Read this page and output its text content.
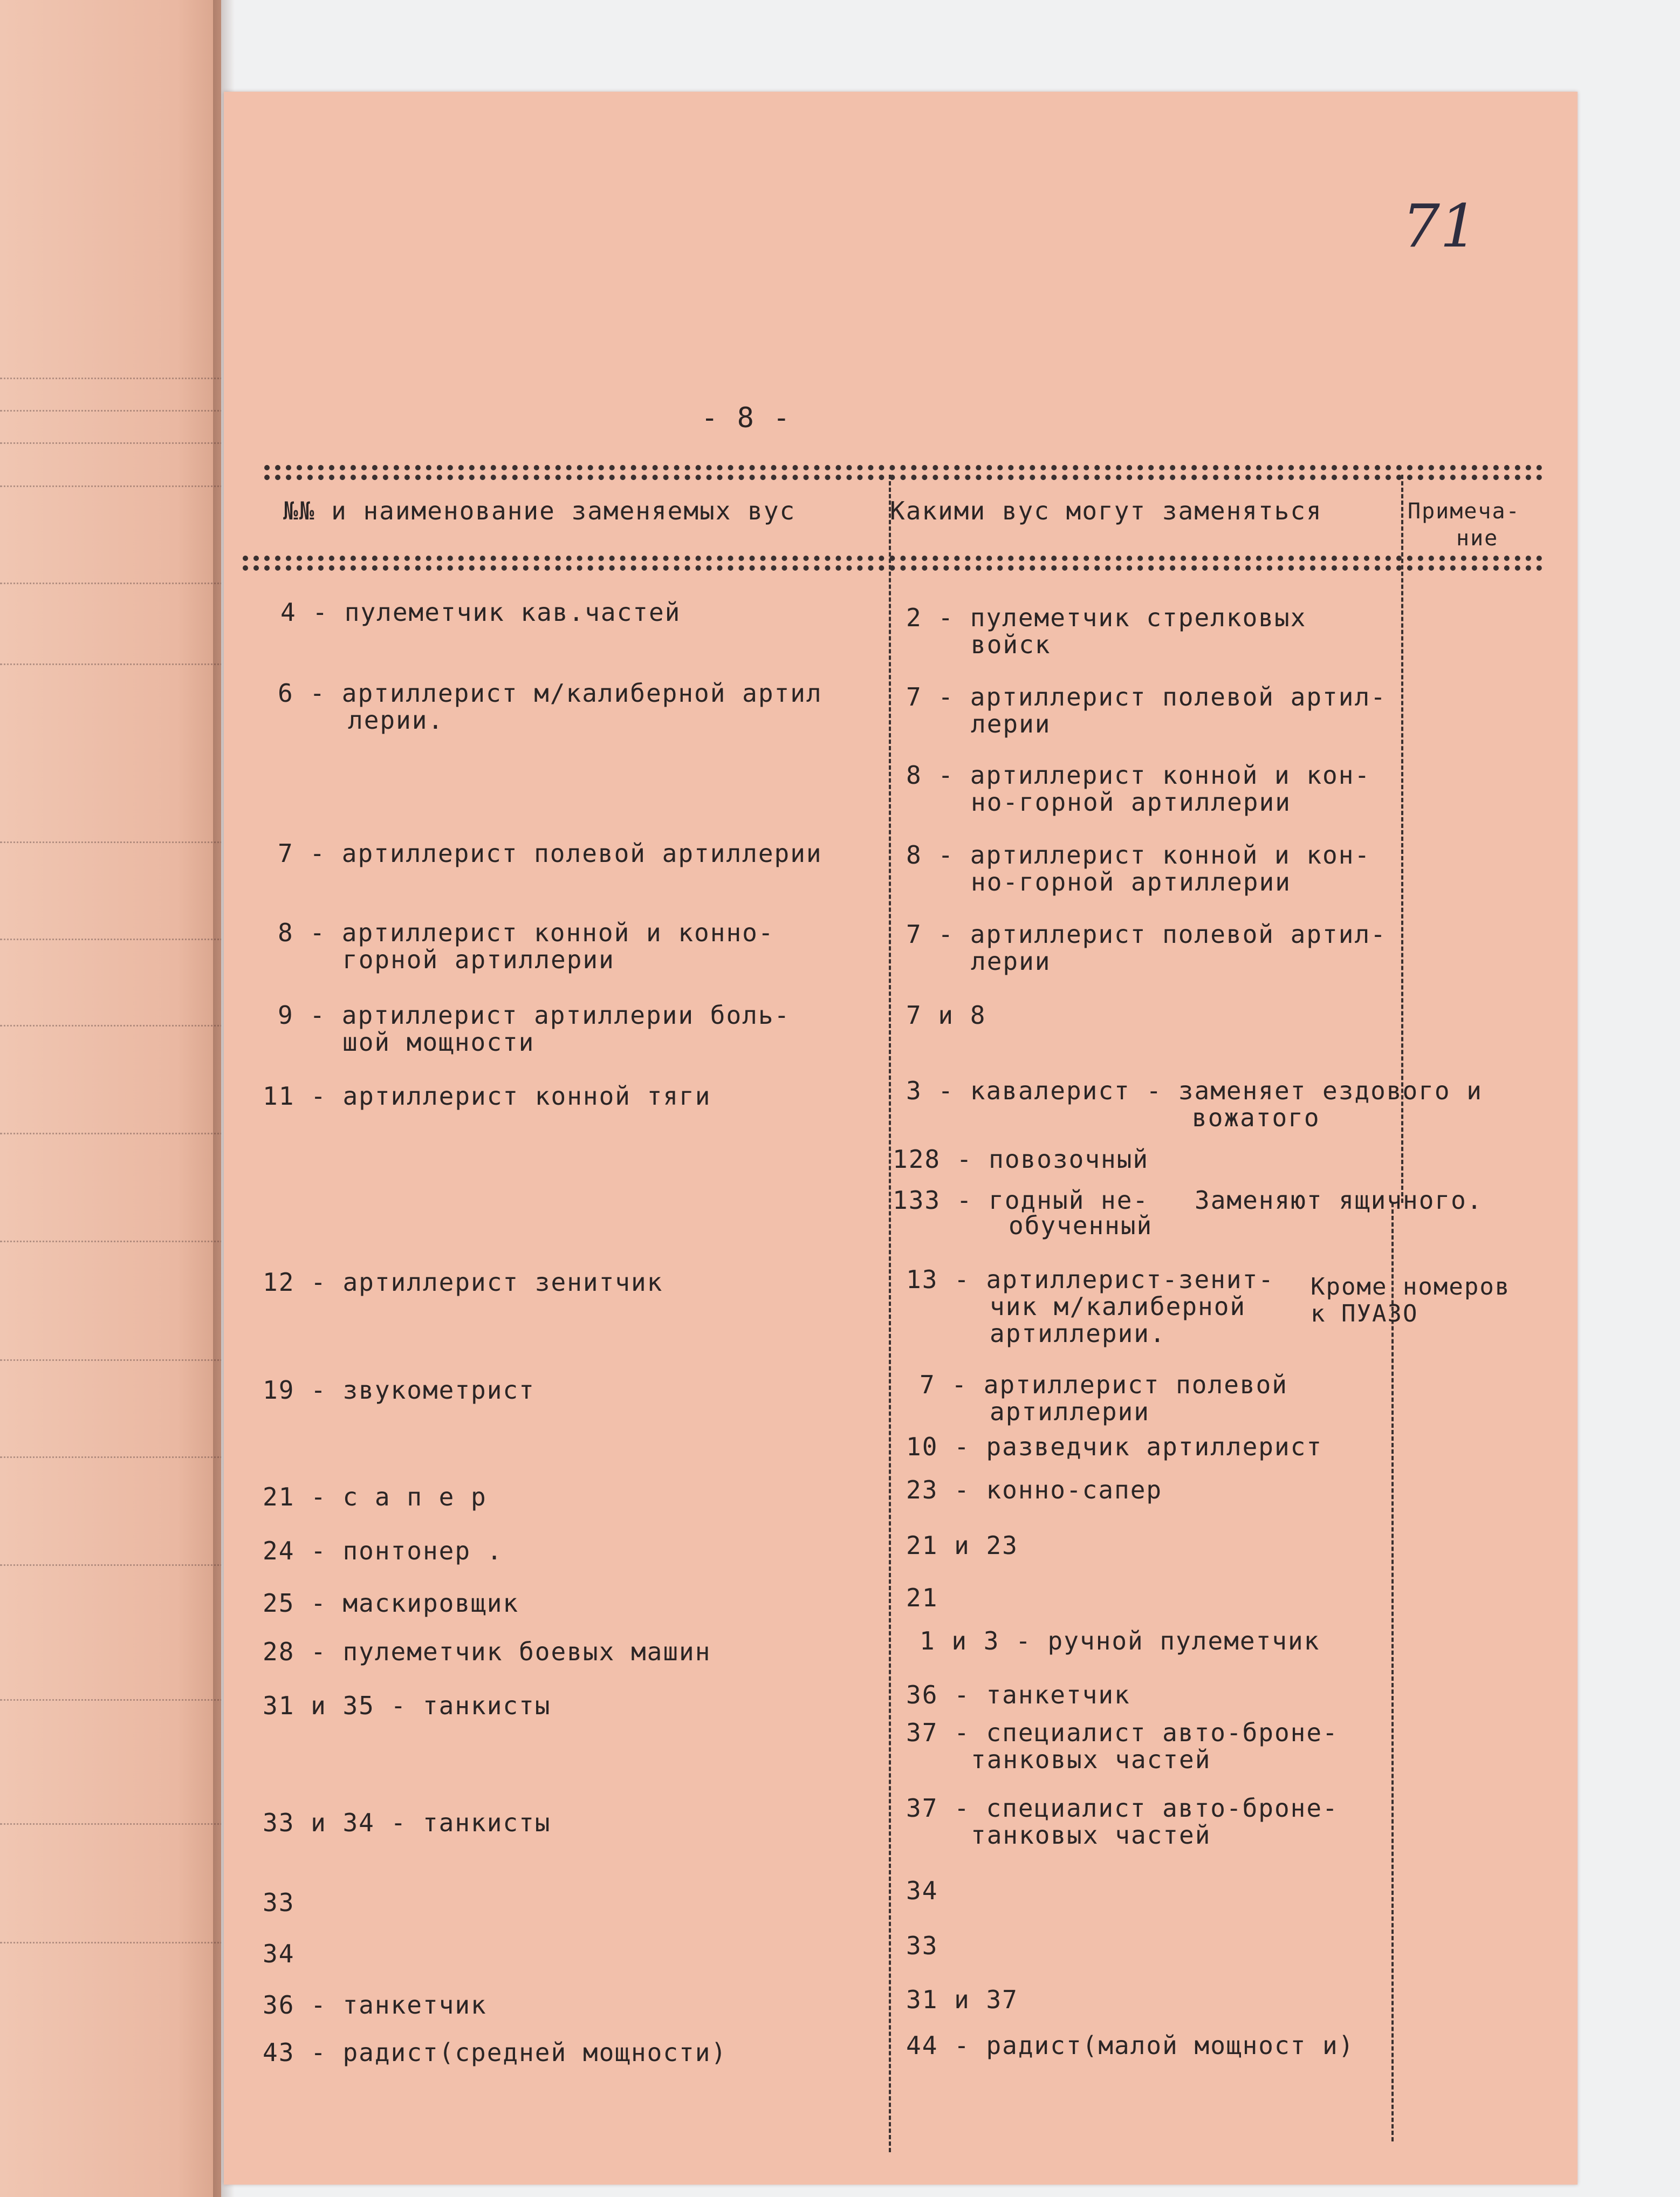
71
- 8 -
№№ и наименование заменяемых вус	Какими вус могут заменяться	Примеча-
ние
4 - пулеметчик кав.частей
6 - артиллерист м/калиберной артил
лерии.
7 - артиллерист полевой артиллерии
8 - артиллерист конной и конно-
горной артиллерии
9 - артиллерист артиллерии боль-
шой мощности
11 - артиллерист конной тяги
12 - артиллерист зенитчик
19 - звукометрист
21 - с а п е р
24 - понтонер .
25 - маскировщик
28 - пулеметчик боевых машин
31 и 35 - танкисты
33 и 34 - танкисты
33
34
36 - танкетчик
43 - радист(средней мощности)
2 - пулеметчик стрелковых
войск
7 - артиллерист полевой артил-
лерии
8 - артиллерист конной и кон-
но-горной артиллерии
8 - артиллерист конной и кон-
но-горной артиллерии
7 - артиллерист полевой артил-
лерии
7 и 8
3 - кавалерист - заменяет ездового и
вожатого
128 - повозочный
133 - годный не-
обученный
Заменяют ящичного.
13 - артиллерист-зенит-
чик м/калиберной
артиллерии.
Кроме номеров
к ПУАЗО
7 - артиллерист полевой
артиллерии
10 - разведчик артиллерист
23 - конно-сапер
21 и 23
21
1 и 3 - ручной пулеметчик
36 - танкетчик
37 - специалист авто-броне-
танковых частей
37 - специалист авто-броне-
танковых частей
34
33
31 и 37
44 - радист(малой мощност и)
